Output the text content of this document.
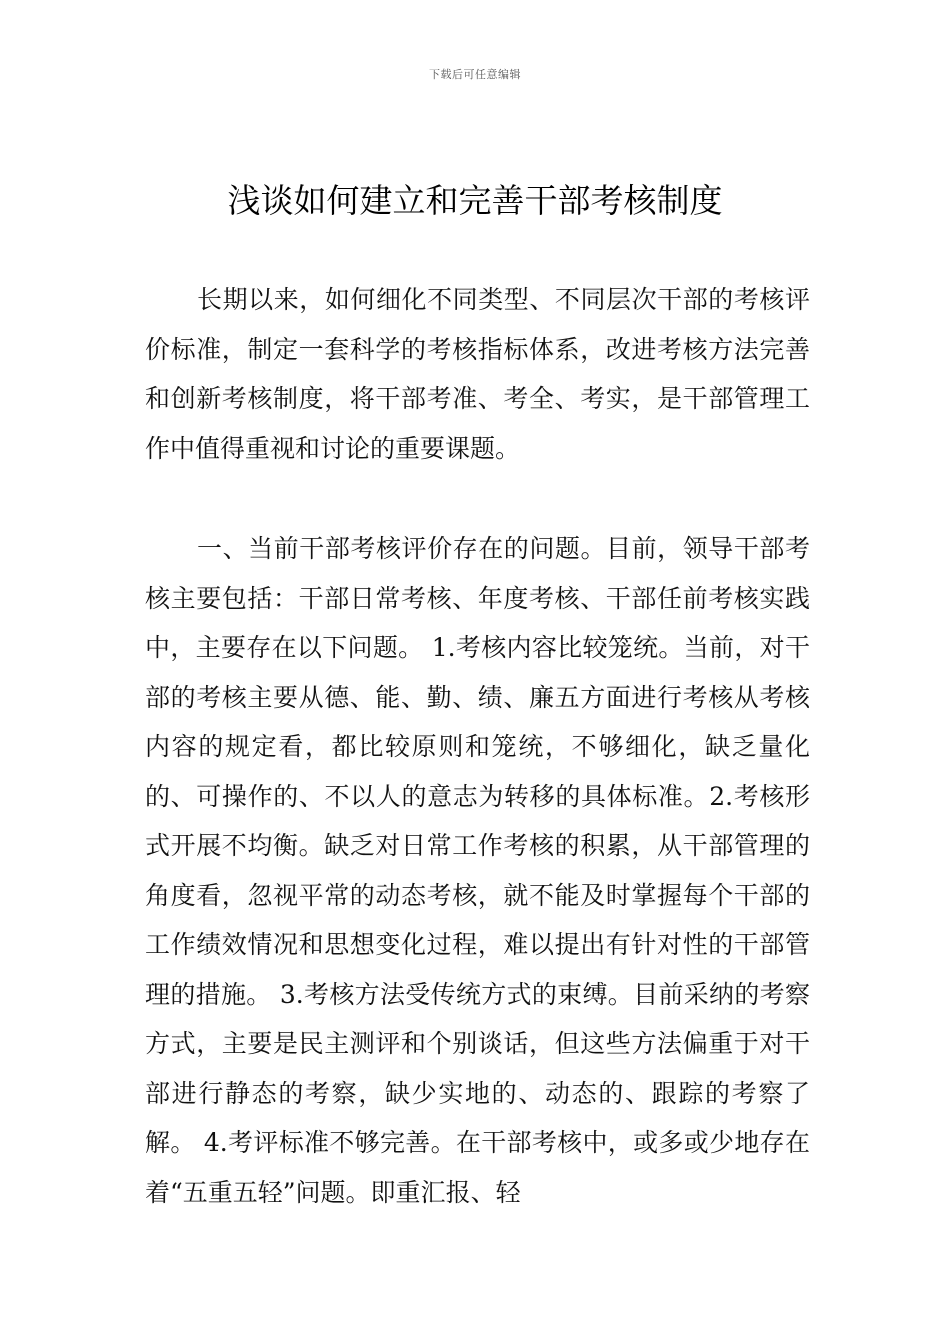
下载后可任意编辑
浅谈如何建立和完善干部考核制度

长期以来，如何细化不同类型、不同层次干部的考核评价标准，制定一套科学的考核指标体系，改进考核方法完善和创新考核制度，将干部考准、考全、考实，是干部管理工作中值得重视和讨论的重要课题。

一、当前干部考核评价存在的问题。目前，领导干部考核主要包括：干部日常考核、年度考核、干部任前考核实践中，主要存在以下问题。 1.考核内容比较笼统。当前，对干部的考核主要从德、能、勤、绩、廉五方面进行考核从考核内容的规定看，都比较原则和笼统，不够细化，缺乏量化的、可操作的、不以人的意志为转移的具体标准。2.考核形式开展不均衡。缺乏对日常工作考核的积累，从干部管理的角度看，忽视平常的动态考核，就不能及时掌握每个干部的工作绩效情况和思想变化过程，难以提出有针对性的干部管理的措施。 3.考核方法受传统方式的束缚。目前采纳的考察方式，主要是民主测评和个别谈话，但这些方法偏重于对干部进行静态的考察，缺少实地的、动态的、跟踪的考察了解。 4.考评标准不够完善。在干部考核中，或多或少地存在着“五重五轻”问题。即重汇报、轻
